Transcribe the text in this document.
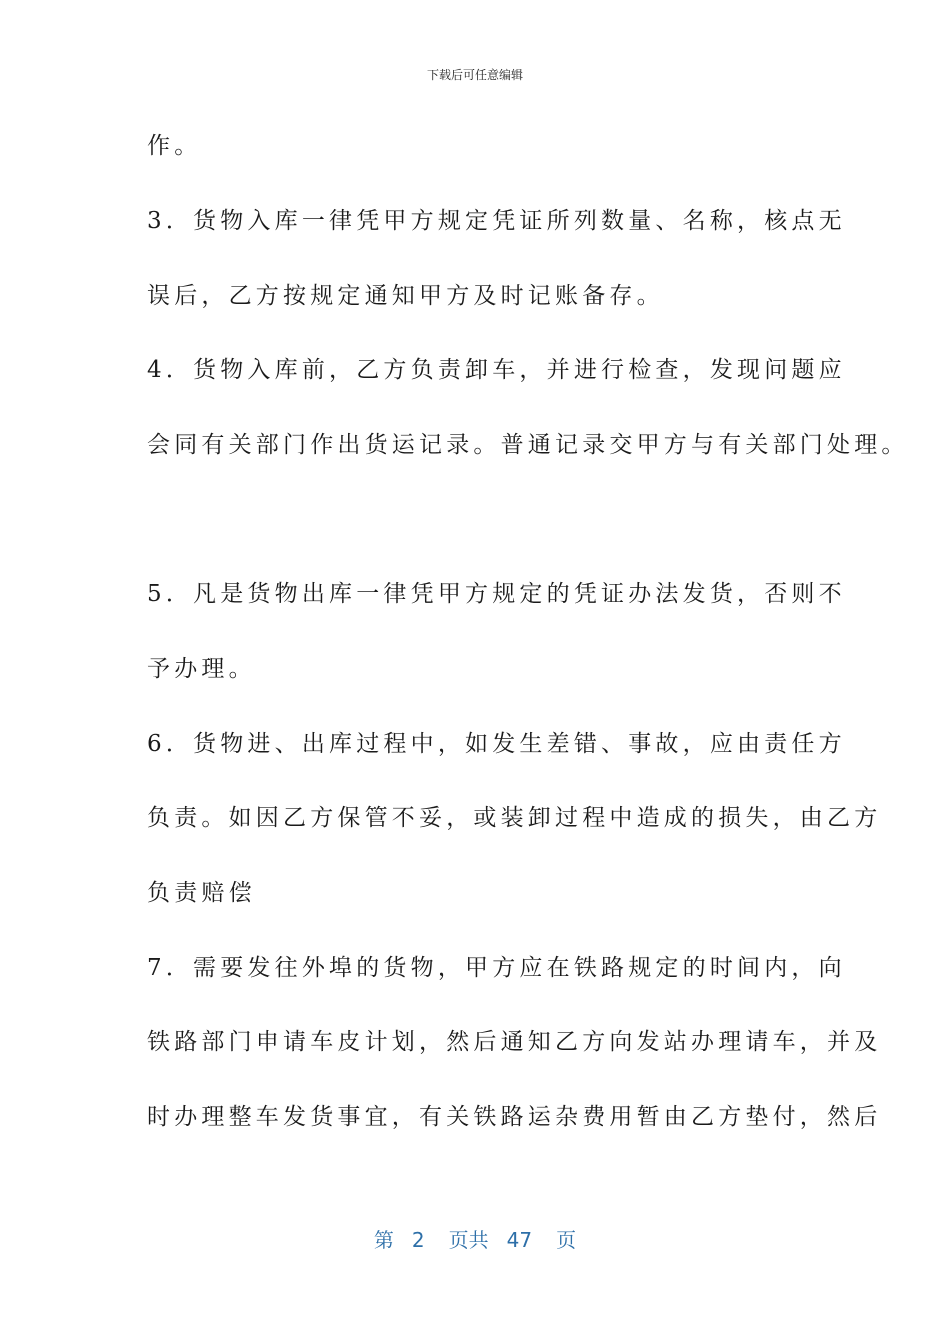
下载后可任意编辑
作。
3．货物入库一律凭甲方规定凭证所列数量、名称，核点无
误后，乙方按规定通知甲方及时记账备存。
4．货物入库前，乙方负责卸车，并进行检查，发现问题应
会同有关部门作出货运记录。普通记录交甲方与有关部门处理。
5．凡是货物出库一律凭甲方规定的凭证办法发货，否则不
予办理。
6．货物进、出库过程中，如发生差错、事故，应由责任方
负责。如因乙方保管不妥，或装卸过程中造成的损失，由乙方
负责赔偿
7．需要发往外埠的货物，甲方应在铁路规定的时间内，向
铁路部门申请车皮计划，然后通知乙方向发站办理请车，并及
时办理整车发货事宜，有关铁路运杂费用暂由乙方垫付，然后
第 2 页共 47 页
